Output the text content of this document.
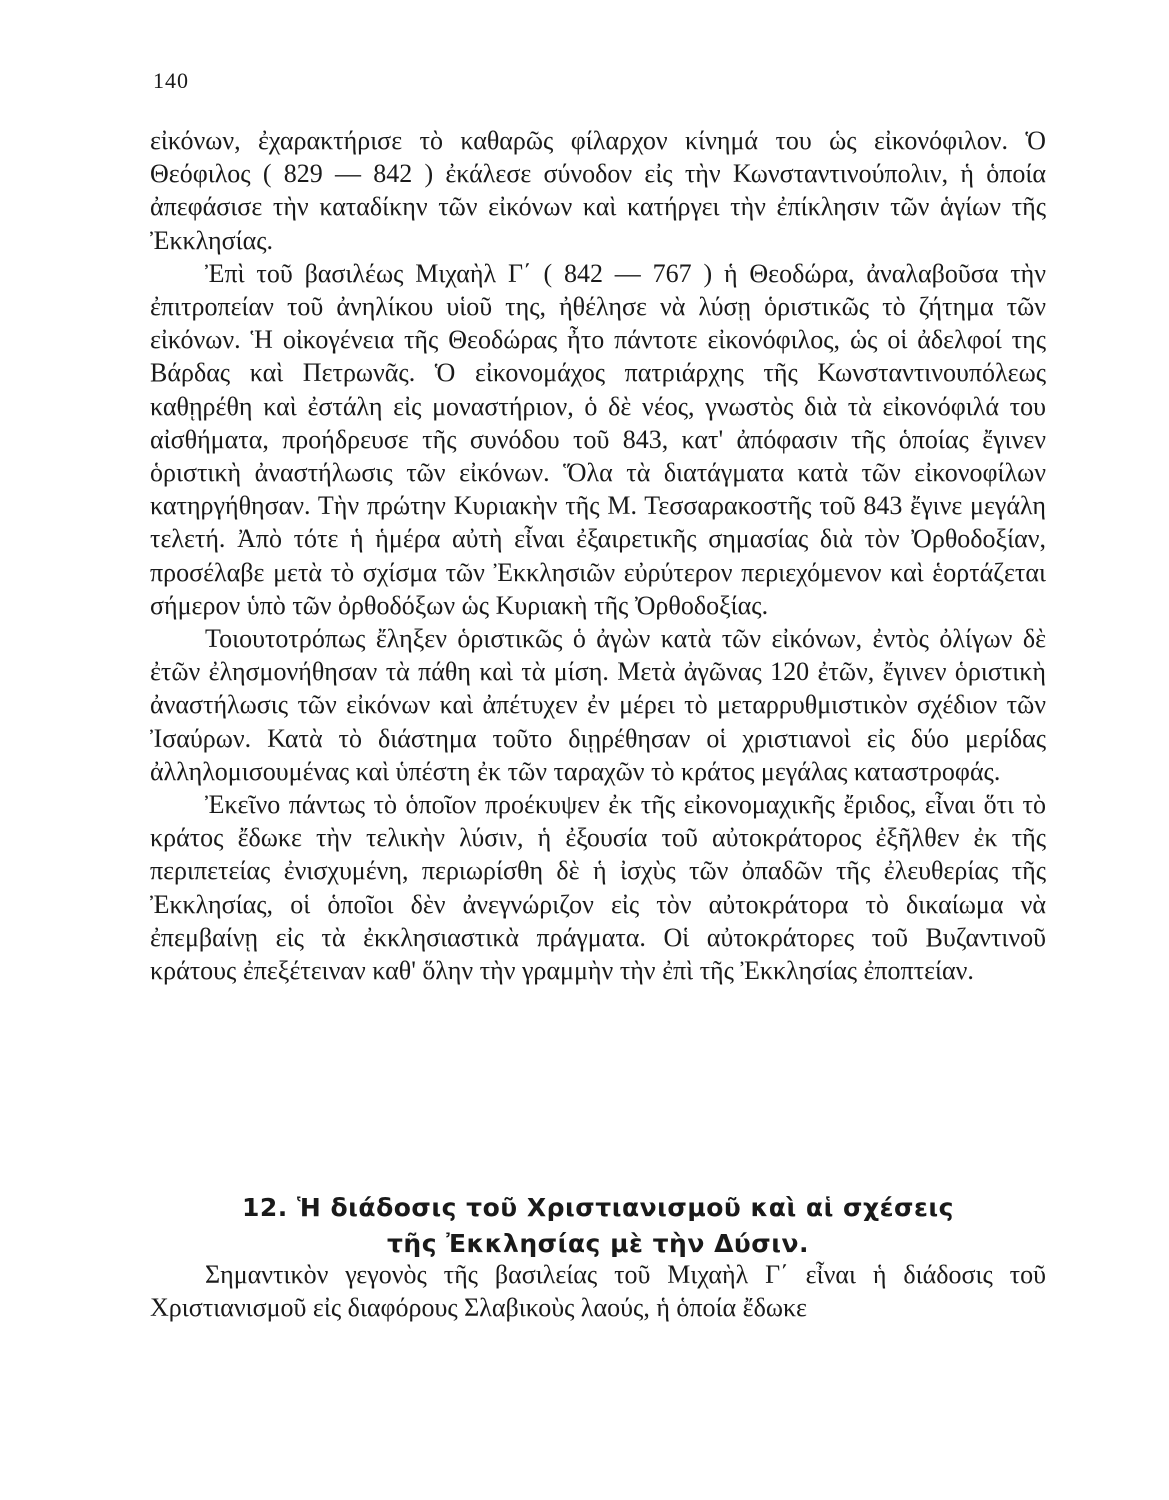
140

εἰκόνων, ἐχαρακτήρισε τὸ καθαρῶς φίλαρχον κίνημά του ὡς εἰκονόφιλον. Ὁ Θεόφιλος ( 829 — 842 ) ἐκάλεσε σύνοδον εἰς τὴν Κωνσταντινούπολιν, ἡ ὁποία ἀπεφάσισε τὴν καταδίκην τῶν εἰκόνων καὶ κατήργει τὴν ἐπίκλησιν τῶν ἁγίων τῆς Ἐκκλησίας.

Ἐπὶ τοῦ βασιλέως Μιχαὴλ Γ΄ ( 842 — 767 ) ἡ Θεοδώρα, ἀναλαβοῦσα τὴν ἐπιτροπείαν τοῦ ἀνηλίκου υἱοῦ της, ἠθέλησε νὰ λύσῃ ὁριστικῶς τὸ ζήτημα τῶν εἰκόνων. Ἡ οἰκογένεια τῆς Θεοδώρας ἦτο πάντοτε εἰκονόφιλος, ὡς οἱ ἀδελφοί της Βάρδας καὶ Πετρωνᾶς. Ὁ εἰκονομάχος πατριάρχης τῆς Κωνσταντινουπόλεως καθῃρέθη καὶ ἐστάλη εἰς μοναστήριον, ὁ δὲ νέος, γνωστὸς διὰ τὰ εἰκονόφιλά του αἰσθήματα, προήδρευσε τῆς συνόδου τοῦ 843, κατ' ἀπόφασιν τῆς ὁποίας ἔγινεν ὁριστικὴ ἀναστήλωσις τῶν εἰκόνων. Ὅλα τὰ διατάγματα κατὰ τῶν εἰκονοφίλων κατηργήθησαν. Τὴν πρώτην Κυριακὴν τῆς Μ. Τεσσαρακοστῆς τοῦ 843 ἔγινε μεγάλη τελετή. Ἀπὸ τότε ἡ ἡμέρα αὐτὴ εἶναι ἐξαιρετικῆς σημασίας διὰ τὸν Ὀρθοδοξίαν, προσέλαβε μετὰ τὸ σχίσμα τῶν Ἐκκλησιῶν εὐρύτερον περιεχόμενον καὶ ἑορτάζεται σήμερον ὑπὸ τῶν ὀρθοδόξων ὡς Κυριακὴ τῆς Ὀρθοδοξίας.

Τοιουτοτρόπως ἔληξεν ὁριστικῶς ὁ ἀγὼν κατὰ τῶν εἰκόνων, ἐντὸς ὀλίγων δὲ ἐτῶν ἐλησμονήθησαν τὰ πάθη καὶ τὰ μίση. Μετὰ ἀγῶνας 120 ἐτῶν, ἔγινεν ὁριστικὴ ἀναστήλωσις τῶν εἰκόνων καὶ ἀπέτυχεν ἐν μέρει τὸ μεταρρυθμιστικὸν σχέδιον τῶν Ἰσαύρων. Κατὰ τὸ διάστημα τοῦτο διῃρέθησαν οἱ χριστιανοὶ εἰς δύο μερίδας ἀλληλομισουμένας καὶ ὑπέστη ἐκ τῶν ταραχῶν τὸ κράτος μεγάλας καταστροφάς.

Ἐκεῖνο πάντως τὸ ὁποῖον προέκυψεν ἐκ τῆς εἰκονομαχικῆς ἔριδος, εἶναι ὅτι τὸ κράτος ἔδωκε τὴν τελικὴν λύσιν, ἡ ἐξουσία τοῦ αὐτοκράτορος ἐξῆλθεν ἐκ τῆς περιπετείας ἐνισχυμένη, περιωρίσθη δὲ ἡ ἰσχὺς τῶν ὀπαδῶν τῆς ἐλευθερίας τῆς Ἐκκλησίας, οἱ ὁποῖοι δὲν ἀνεγνώριζον εἰς τὸν αὐτοκράτορα τὸ δικαίωμα νὰ ἐπεμβαίνῃ εἰς τὰ ἐκκλησιαστικὰ πράγματα. Οἱ αὐτοκράτορες τοῦ Βυζαντινοῦ κράτους ἐπεξέτειναν καθ' ὅλην τὴν γραμμὴν τὴν ἐπὶ τῆς Ἐκκλησίας ἐποπτείαν.

12. Ἡ διάδοσις τοῦ Χριστιανισμοῦ καὶ αἱ σχέσεις
τῆς Ἐκκλησίας μὲ τὴν Δύσιν.

Σημαντικὸν γεγονὸς τῆς βασιλείας τοῦ Μιχαὴλ Γ΄ εἶναι ἡ διάδοσις τοῦ Χριστιανισμοῦ εἰς διαφόρους Σλαβικοὺς λαούς, ἡ ὁποία ἔδωκε
